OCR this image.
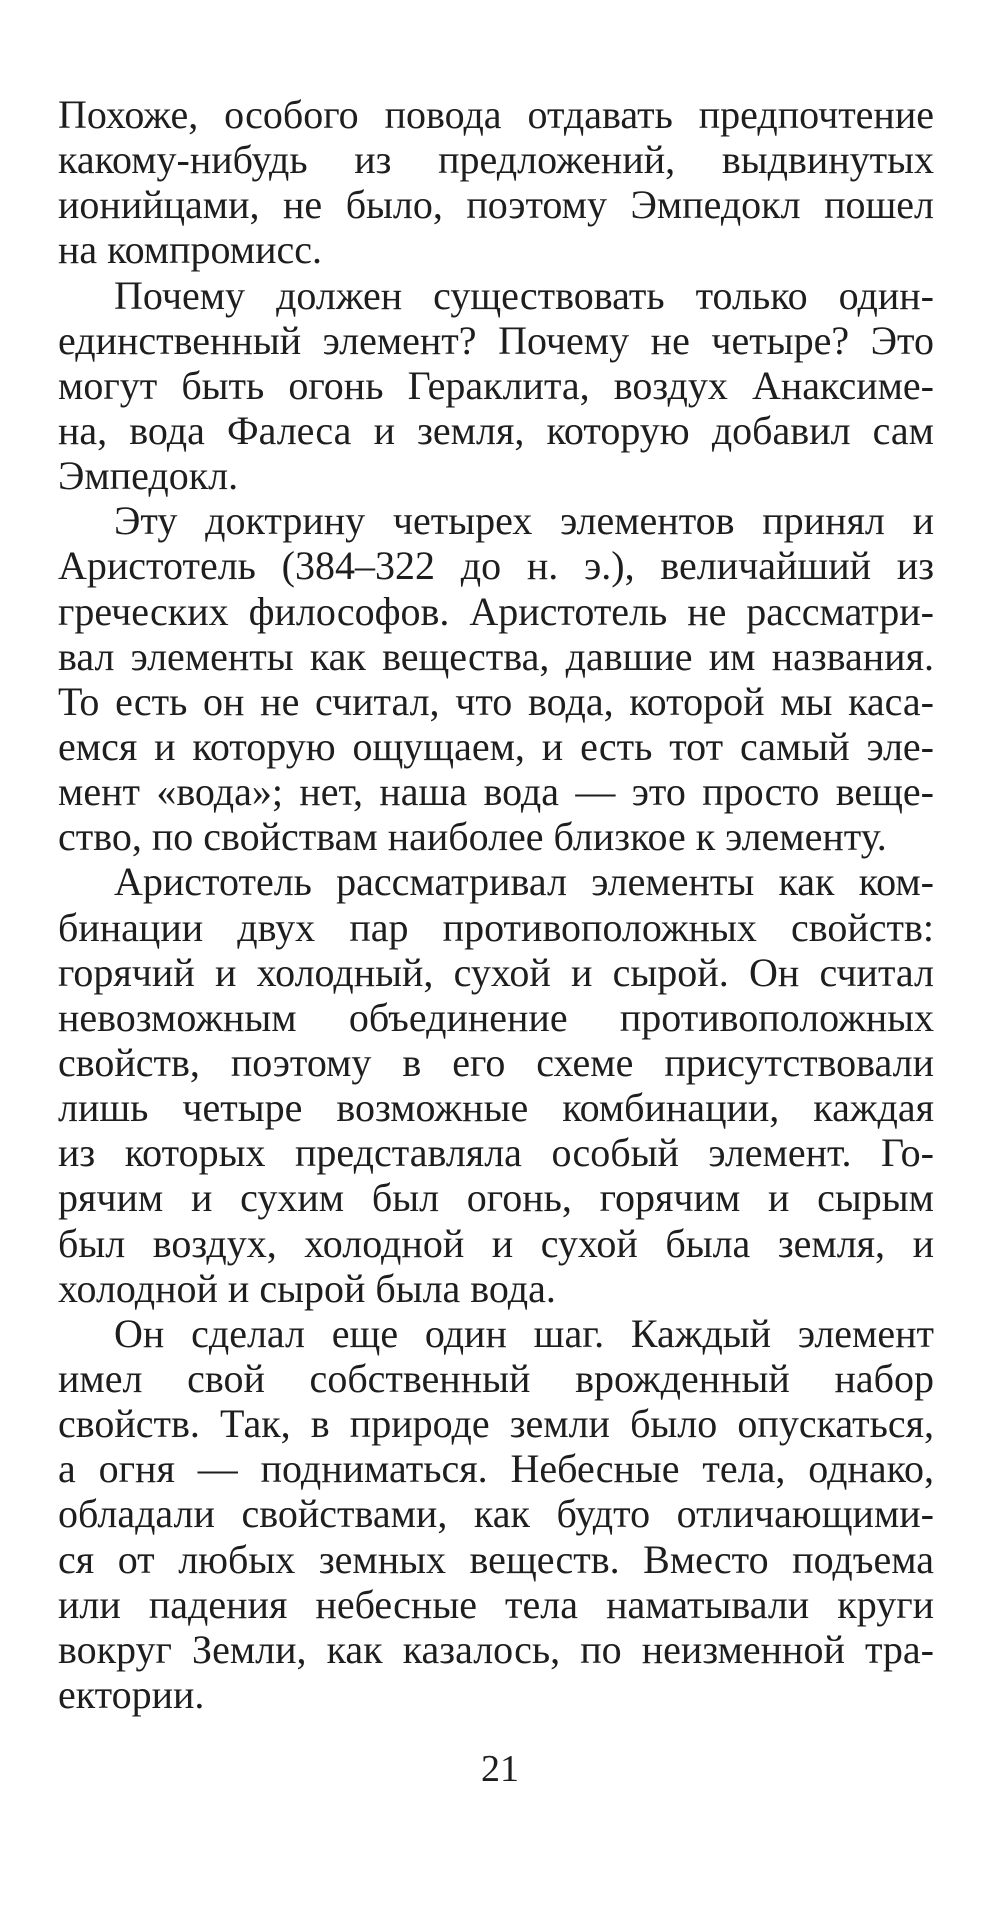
Похоже, особого повода отдавать предпочтение
какому-нибудь из предложений, выдвинутых
ионийцами, не было, поэтому Эмпедокл пошел
на компромисс.
Почему должен существовать только один-
единственный элемент? Почему не четыре? Это
могут быть огонь Гераклита, воздух Анаксиме-
на, вода Фалеса и земля, которую добавил сам
Эмпедокл.
Эту доктрину четырех элементов принял и
Аристотель (384–322 до н. э.), величайший из
греческих философов. Аристотель не рассматри-
вал элементы как вещества, давшие им названия.
То есть он не считал, что вода, которой мы каса-
емся и которую ощущаем, и есть тот самый эле-
мент «вода»; нет, наша вода — это просто веще-
ство, по свойствам наиболее близкое к элементу.
Аристотель рассматривал элементы как ком-
бинации двух пар противоположных свойств:
горячий и холодный, сухой и сырой. Он считал
невозможным объединение противоположных
свойств, поэтому в его схеме присутствовали
лишь четыре возможные комбинации, каждая
из которых представляла особый элемент. Го-
рячим и сухим был огонь, горячим и сырым
был воздух, холодной и сухой была земля, и
холодной и сырой была вода.
Он сделал еще один шаг. Каждый элемент
имел свой собственный врожденный набор
свойств. Так, в природе земли было опускаться,
а огня — подниматься. Небесные тела, однако,
обладали свойствами, как будто отличающими-
ся от любых земных веществ. Вместо подъема
или падения небесные тела наматывали круги
вокруг Земли, как казалось, по неизменной тра-
ектории.
21
